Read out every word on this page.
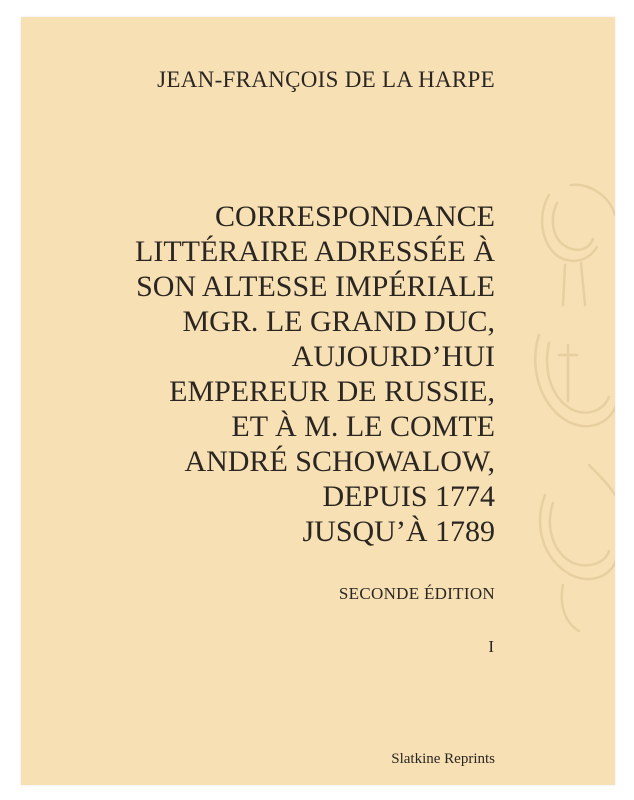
JEAN-FRANÇOIS DE LA HARPE
CORRESPONDANCE
LITTÉRAIRE ADRESSÉE À
SON ALTESSE IMPÉRIALE
MGR. LE GRAND DUC,
AUJOURD’HUI
EMPEREUR DE RUSSIE,
ET À M. LE COMTE
ANDRÉ SCHOWALOW,
DEPUIS 1774
JUSQU’À 1789
SECONDE ÉDITION
I
Slatkine Reprints
